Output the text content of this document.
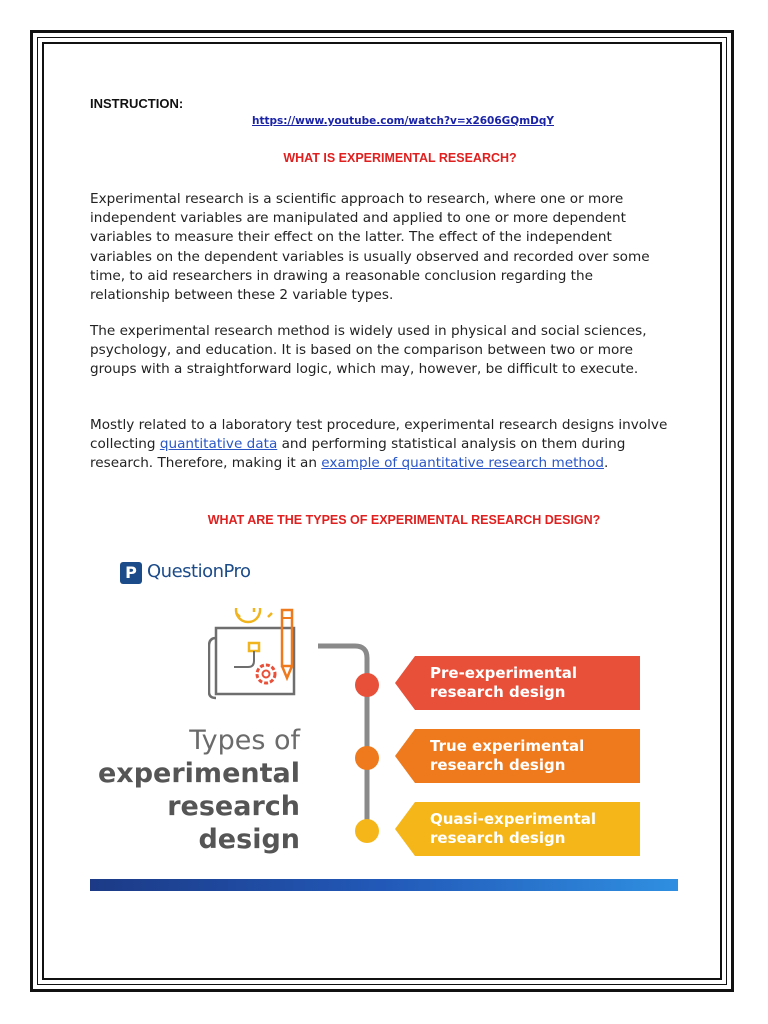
INSTRUCTION:
https://www.youtube.com/watch?v=x2606GQmDqY
WHAT IS EXPERIMENTAL RESEARCH?

Experimental research is a scientific approach to research, where one or more independent variables are manipulated and applied to one or more dependent variables to measure their effect on the latter. The effect of the independent variables on the dependent variables is usually observed and recorded over some time, to aid researchers in drawing a reasonable conclusion regarding the relationship between these 2 variable types.

The experimental research method is widely used in physical and social sciences, psychology, and education. It is based on the comparison between two or more groups with a straightforward logic, which may, however, be difficult to execute.

Mostly related to a laboratory test procedure, experimental research designs involve collecting quantitative data and performing statistical analysis on them during research. Therefore, making it an example of quantitative research method.

WHAT ARE THE TYPES OF EXPERIMENTAL RESEARCH DESIGN?
P QuestionPro
Types of
experimental
research
design
Pre-experimental
research design
True experimental
research design
Quasi-experimental
research design
